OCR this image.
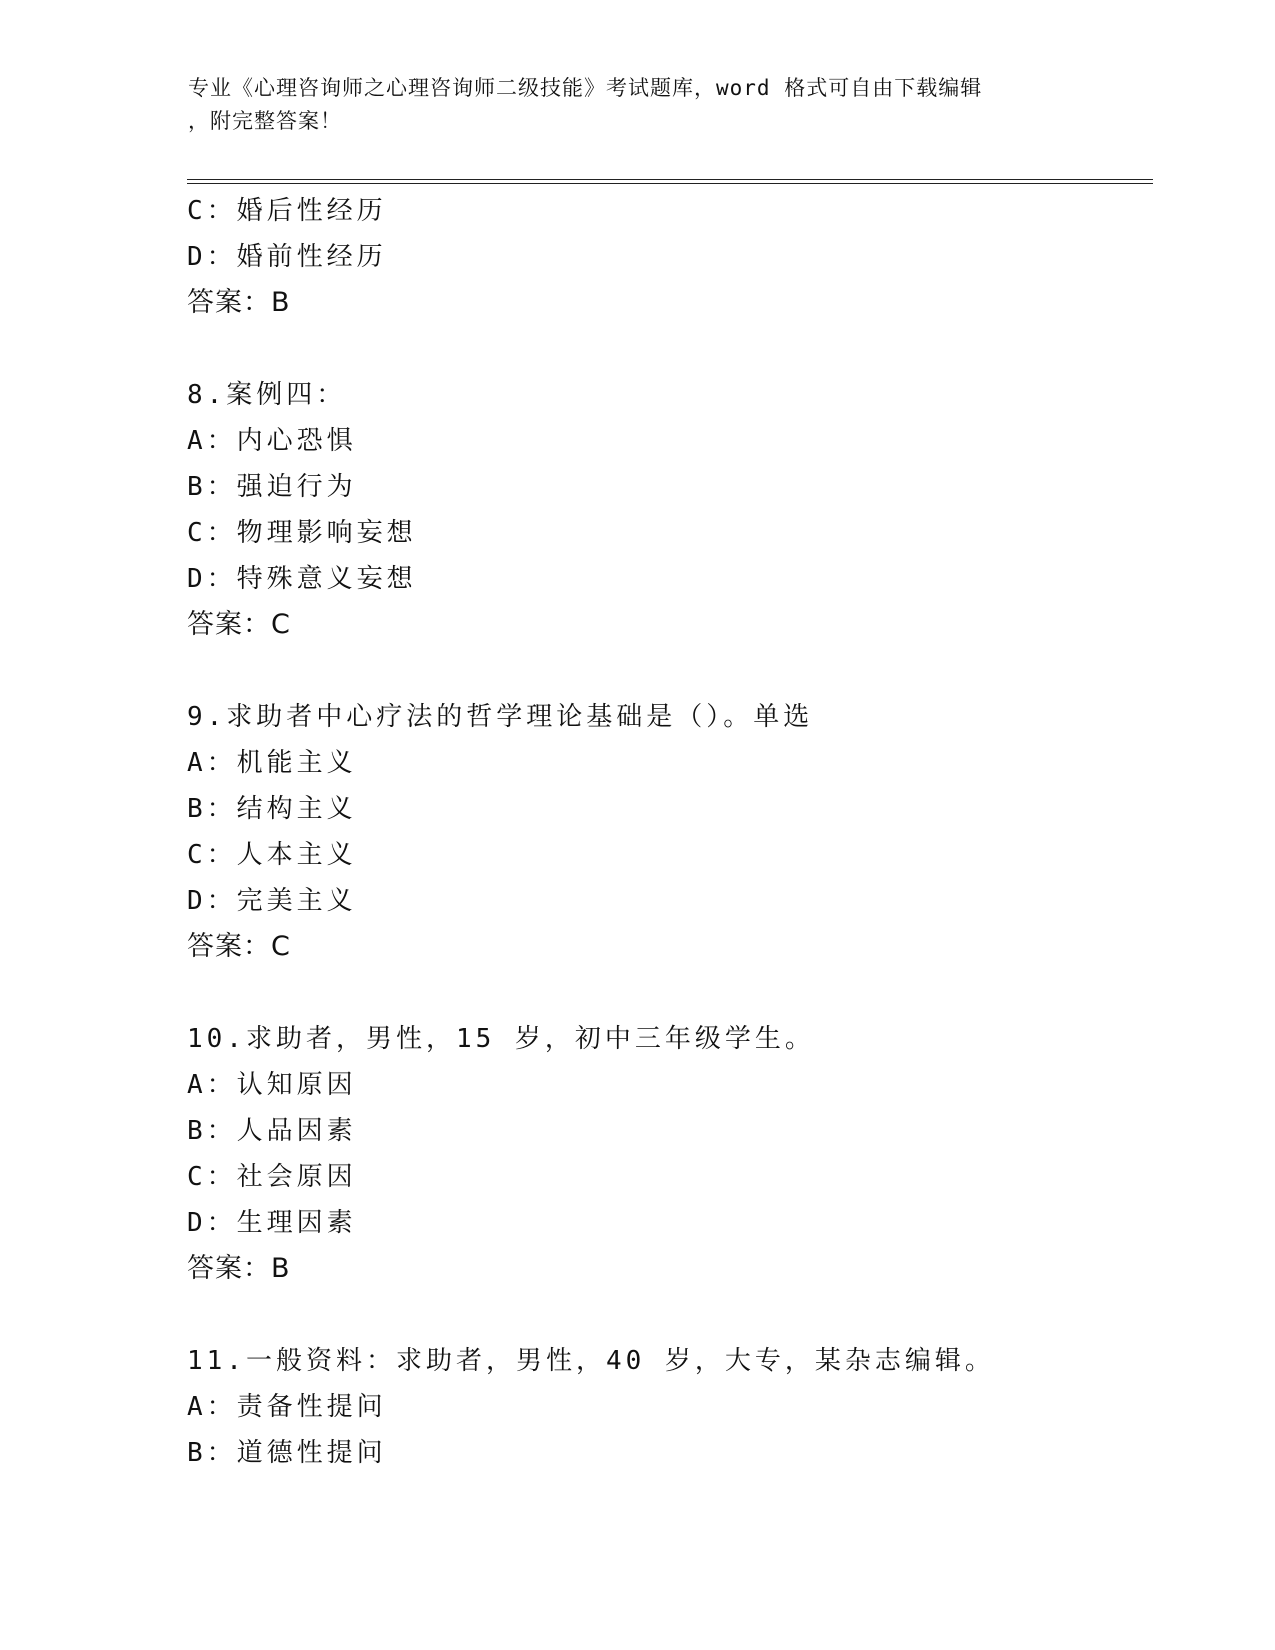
专业《心理咨询师之心理咨询师二级技能》考试题库，word 格式可自由下载编辑
，附完整答案！
C：婚后性经历
D：婚前性经历
答案：B
8.案例四：
A：内心恐惧
B：强迫行为
C：物理影响妄想
D：特殊意义妄想
答案：C
9.求助者中心疗法的哲学理论基础是（）。单选
A：机能主义
B：结构主义
C：人本主义
D：完美主义
答案：C
10.求助者，男性，15 岁，初中三年级学生。
A：认知原因
B：人品因素
C：社会原因
D：生理因素
答案：B
11.一般资料：求助者，男性，40 岁，大专，某杂志编辑。
A：责备性提问
B：道德性提问
